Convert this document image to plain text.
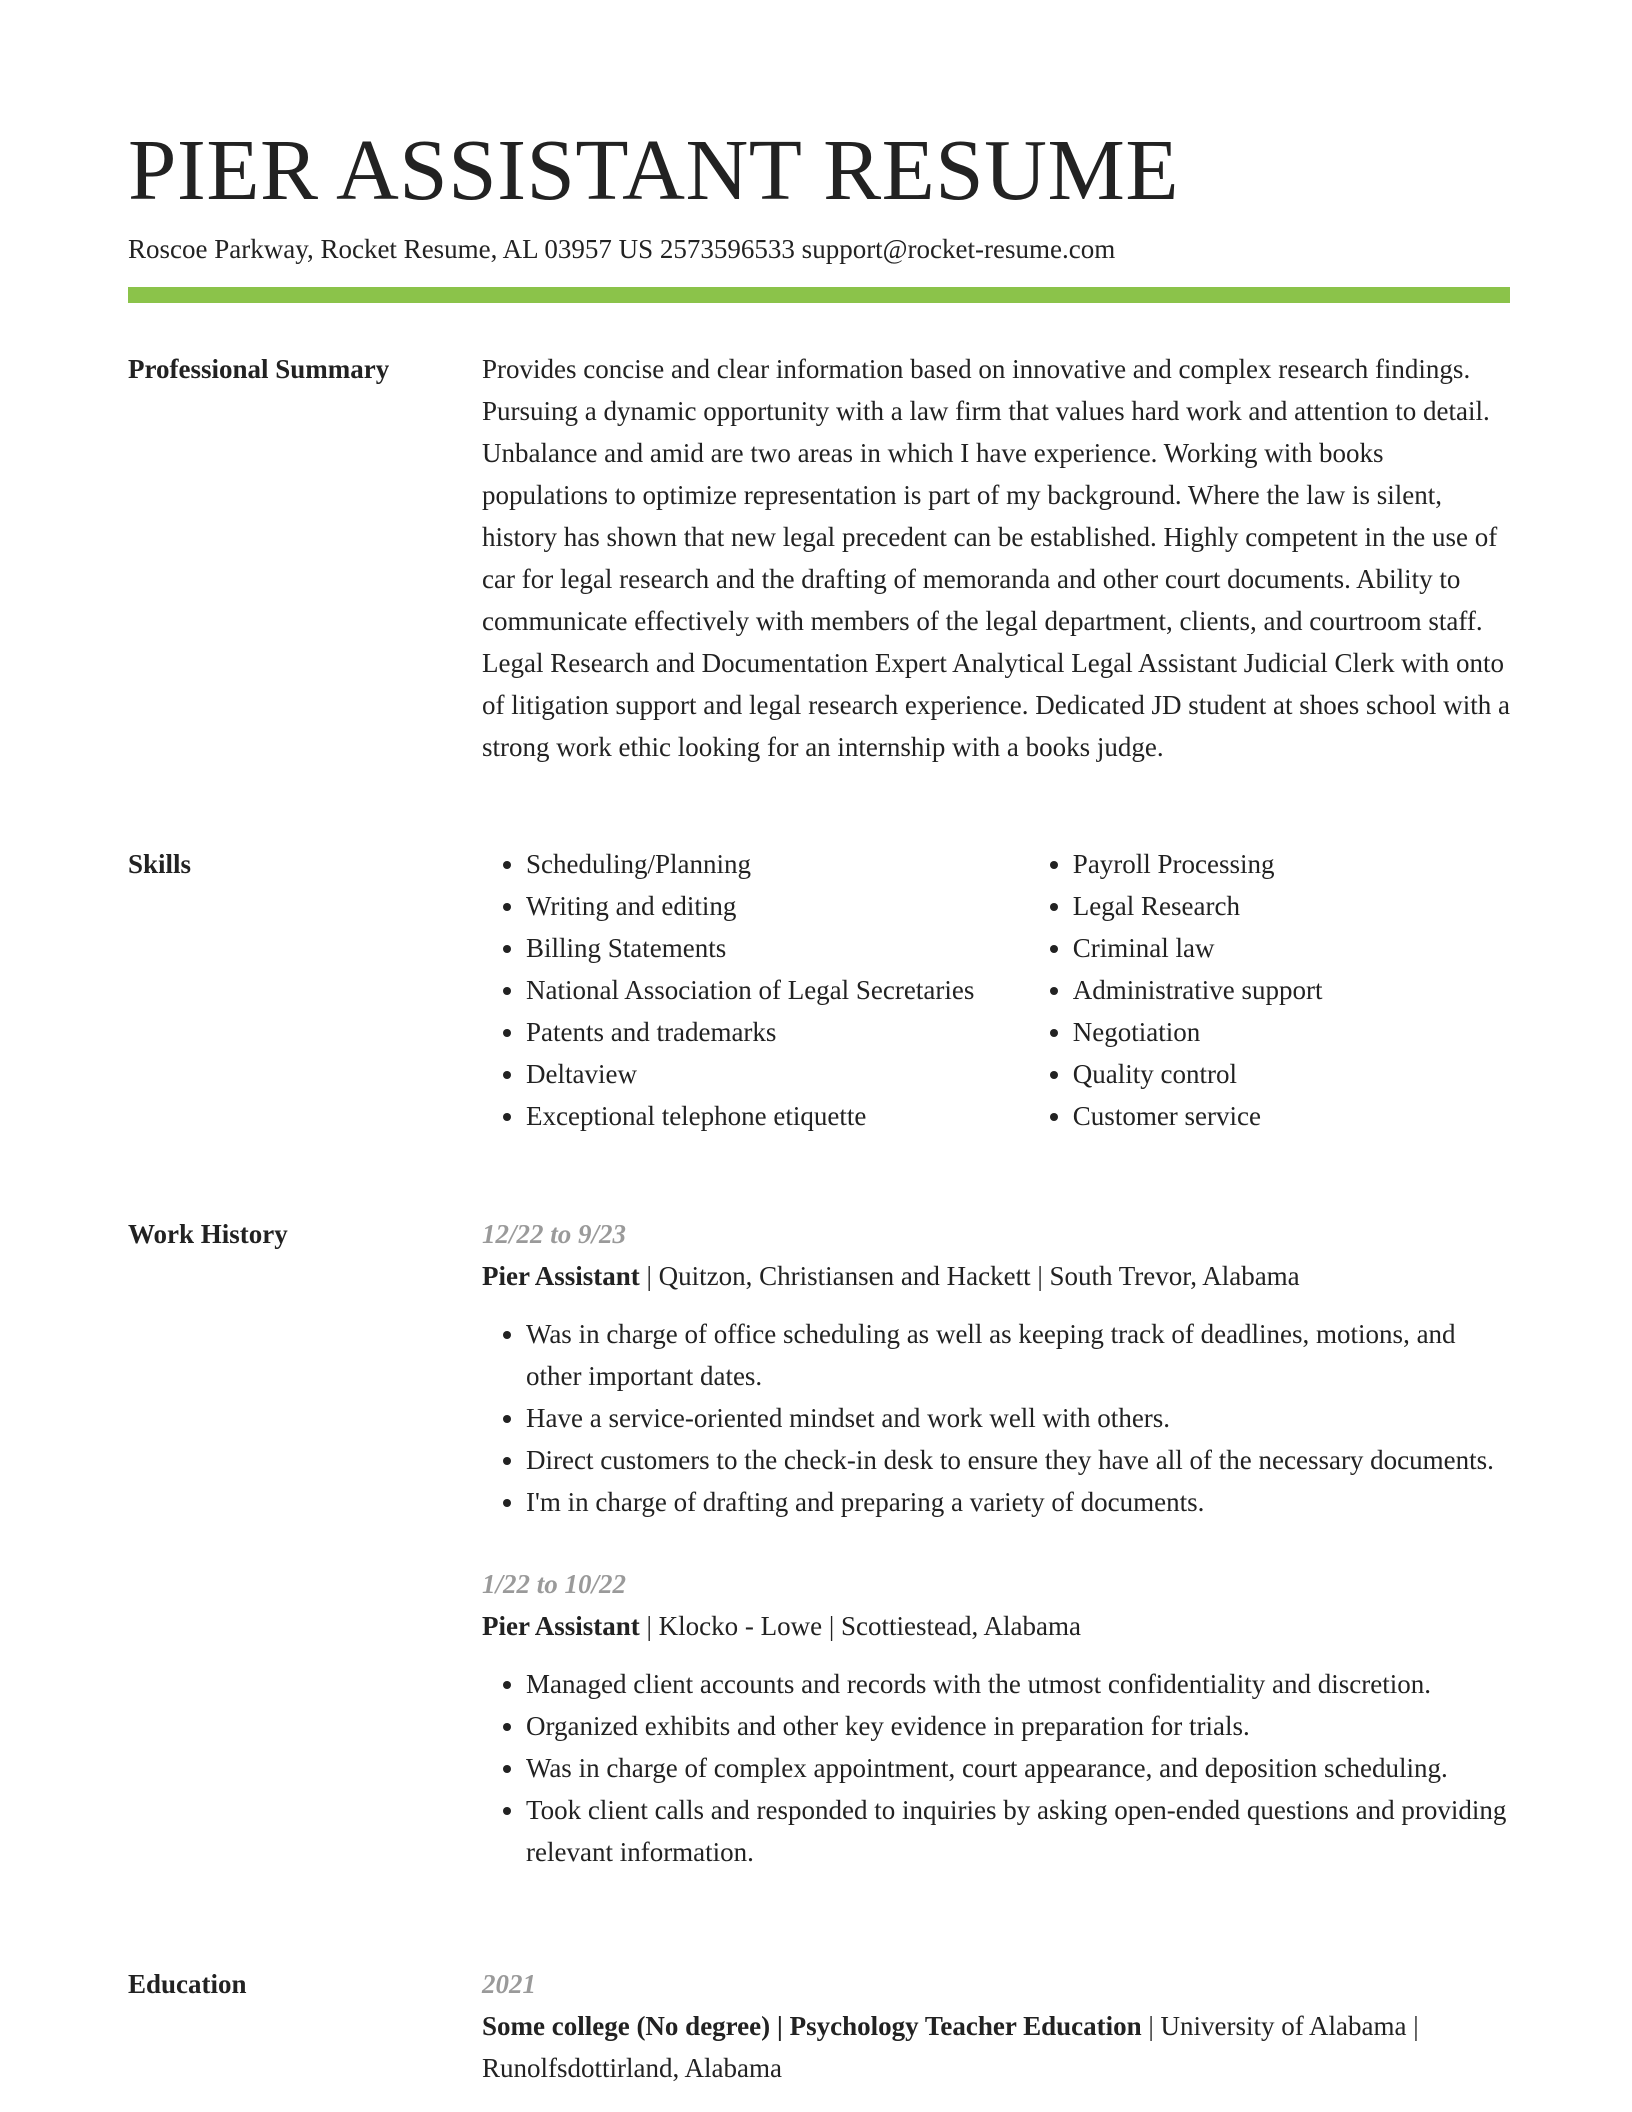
PIER ASSISTANT RESUME
Roscoe Parkway, Rocket Resume, AL 03957 US 2573596533 support@rocket-resume.com
Professional Summary	Provides concise and clear information based on innovative and complex research findings. Pursuing a dynamic opportunity with a law firm that values hard work and attention to detail. Unbalance and amid are two areas in which I have experience. Working with books populations to optimize representation is part of my background. Where the law is silent, history has shown that new legal precedent can be established. Highly competent in the use of car for legal research and the drafting of memoranda and other court documents. Ability to communicate effectively with members of the legal department, clients, and courtroom staff. Legal Research and Documentation Expert Analytical Legal Assistant Judicial Clerk with onto of litigation support and legal research experience. Dedicated JD student at shoes school with a strong work ethic looking for an internship with a books judge.

Skills
•	Scheduling/Planning
• Writing and editing
• Billing Statements
• National Association of Legal Secretaries
• Patents and trademarks
• Deltaview
• Exceptional telephone etiquette
• Payroll Processing
• Legal Research
• Criminal law
• Administrative support
• Negotiation
• Quality control
• Customer service
Work History	12/22 to 9/23
Pier Assistant | Quitzon, Christiansen and Hackett | South Trevor, Alabama
• Was in charge of office scheduling as well as keeping track of deadlines, motions, and other important dates.
• Have a service-oriented mindset and work well with others.
• Direct customers to the check-in desk to ensure they have all of the necessary documents.
• I'm in charge of drafting and preparing a variety of documents.
1/22 to 10/22
Pier Assistant | Klocko - Lowe | Scottiestead, Alabama
• Managed client accounts and records with the utmost confidentiality and discretion.
• Organized exhibits and other key evidence in preparation for trials.
• Was in charge of complex appointment, court appearance, and deposition scheduling.
• Took client calls and responded to inquiries by asking open-ended questions and providing relevant information.
Education	2021
Some college (No degree) | Psychology Teacher Education | University of Alabama | Runolfsdottirland, Alabama
